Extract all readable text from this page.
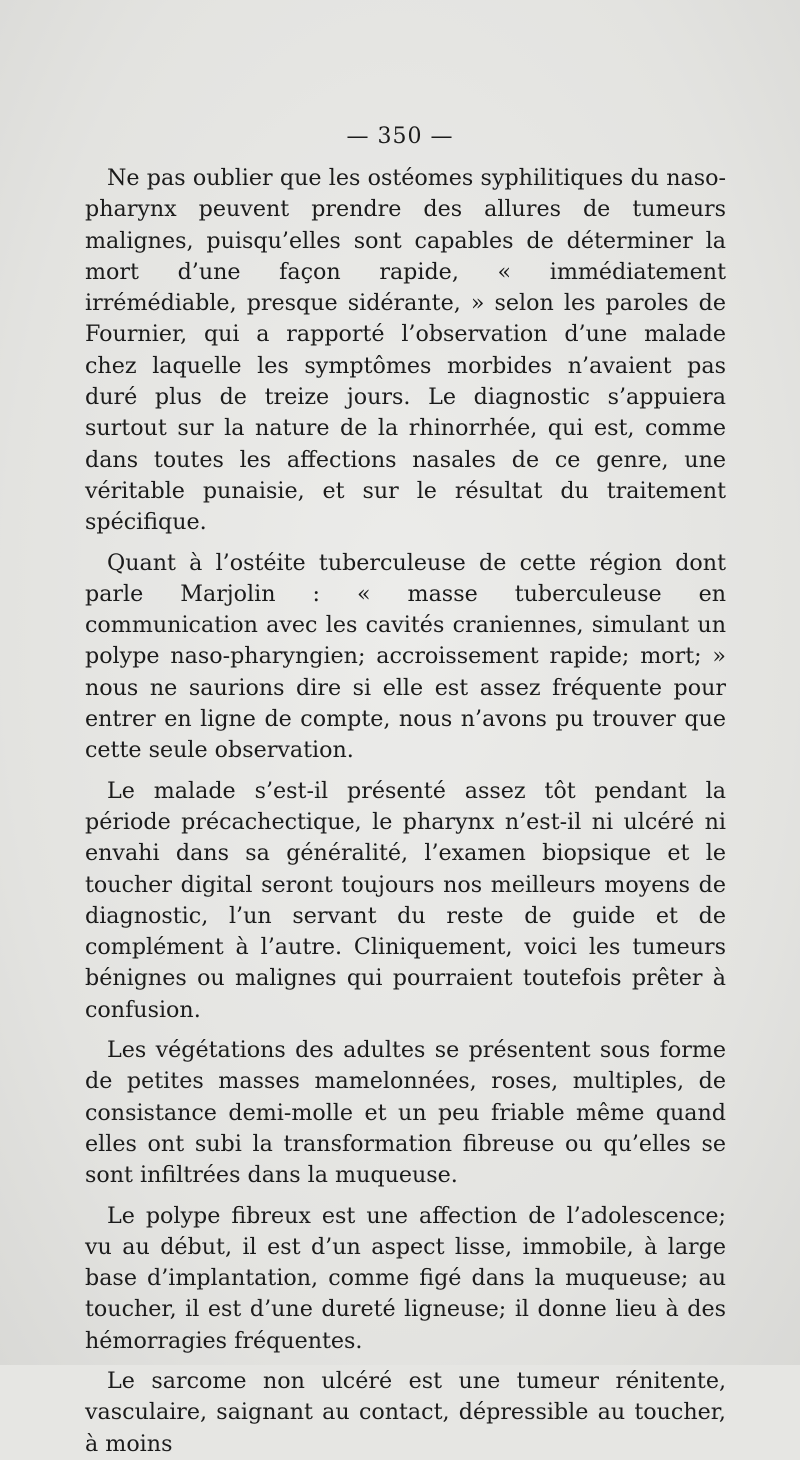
— 350 —

Ne pas oublier que les ostéomes syphilitiques du naso-pharynx peuvent prendre des allures de tumeurs malignes, puisqu’elles sont capables de déterminer la mort d’une façon rapide, « immédiatement irrémédiable, presque sidérante, » selon les paroles de Fournier, qui a rapporté l’observation d’une malade chez laquelle les symptômes morbides n’avaient pas duré plus de treize jours. Le diagnostic s’appuiera surtout sur la nature de la rhinorrhée, qui est, comme dans toutes les affections nasales de ce genre, une véritable punaisie, et sur le résultat du traitement spécifique.

Quant à l’ostéite tuberculeuse de cette région dont parle Marjolin : « masse tuberculeuse en communication avec les cavités craniennes, simulant un polype naso-pharyngien; accroissement rapide; mort; » nous ne saurions dire si elle est assez fréquente pour entrer en ligne de compte, nous n’avons pu trouver que cette seule observation.

Le malade s’est-il présenté assez tôt pendant la période précachectique, le pharynx n’est-il ni ulcéré ni envahi dans sa généralité, l’examen biopsique et le toucher digital seront toujours nos meilleurs moyens de diagnostic, l’un servant du reste de guide et de complément à l’autre. Cliniquement, voici les tumeurs bénignes ou malignes qui pourraient toutefois prêter à confusion.

Les végétations des adultes se présentent sous forme de petites masses mamelonnées, roses, multiples, de consistance demi-molle et un peu friable même quand elles ont subi la transformation fibreuse ou qu’elles se sont infiltrées dans la muqueuse.

Le polype fibreux est une affection de l’adolescence; vu au début, il est d’un aspect lisse, immobile, à large base d’implantation, comme figé dans la muqueuse; au toucher, il est d’une dureté ligneuse; il donne lieu à des hémorragies fréquentes.

Le sarcome non ulcéré est une tumeur rénitente, vasculaire, saignant au contact, dépressible au toucher, à moins
